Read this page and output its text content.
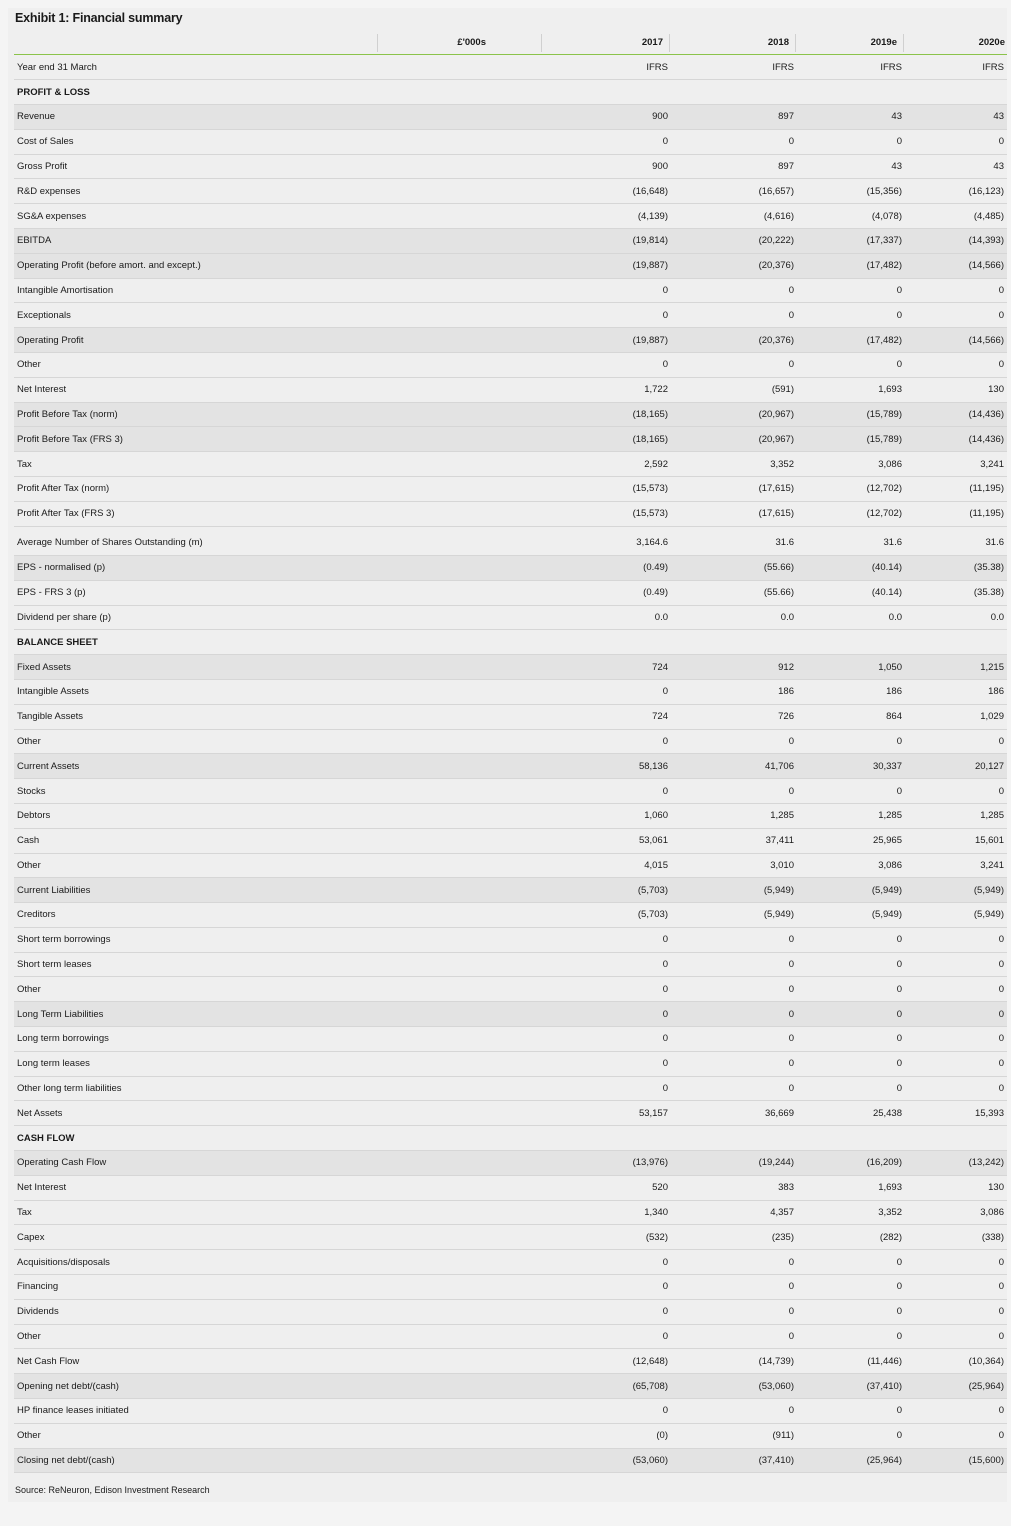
Exhibit 1: Financial summary
£'000s	2017	2018	2019e	2020e
Year end 31 March	IFRS	IFRS	IFRS	IFRS
PROFIT & LOSS				
Revenue	900	897	43	43
Cost of Sales	0	0	0	0
Gross Profit	900	897	43	43
R&D expenses	(16,648)	(16,657)	(15,356)	(16,123)
SG&A expenses	(4,139)	(4,616)	(4,078)	(4,485)
EBITDA	(19,814)	(20,222)	(17,337)	(14,393)
Operating Profit (before amort. and except.)	(19,887)	(20,376)	(17,482)	(14,566)
Intangible Amortisation	0	0	0	0
Exceptionals	0	0	0	0
Operating Profit	(19,887)	(20,376)	(17,482)	(14,566)
Other	0	0	0	0
Net Interest	1,722	(591)	1,693	130
Profit Before Tax (norm)	(18,165)	(20,967)	(15,789)	(14,436)
Profit Before Tax (FRS 3)	(18,165)	(20,967)	(15,789)	(14,436)
Tax	2,592	3,352	3,086	3,241
Profit After Tax (norm)	(15,573)	(17,615)	(12,702)	(11,195)
Profit After Tax (FRS 3)	(15,573)	(17,615)	(12,702)	(11,195)

Average Number of Shares Outstanding (m)	3,164.6	31.6	31.6	31.6
EPS - normalised (p)	(0.49)	(55.66)	(40.14)	(35.38)
EPS - FRS 3 (p)	(0.49)	(55.66)	(40.14)	(35.38)
Dividend per share (p)	0.0	0.0	0.0	0.0
BALANCE SHEET				
Fixed Assets	724	912	1,050	1,215
Intangible Assets	0	186	186	186
Tangible Assets	724	726	864	1,029
Other	0	0	0	0
Current Assets	58,136	41,706	30,337	20,127
Stocks	0	0	0	0
Debtors	1,060	1,285	1,285	1,285
Cash	53,061	37,411	25,965	15,601
Other	4,015	3,010	3,086	3,241
Current Liabilities	(5,703)	(5,949)	(5,949)	(5,949)
Creditors	(5,703)	(5,949)	(5,949)	(5,949)
Short term borrowings	0	0	0	0
Short term leases	0	0	0	0
Other	0	0	0	0
Long Term Liabilities	0	0	0	0
Long term borrowings	0	0	0	0
Long term leases	0	0	0	0
Other long term liabilities	0	0	0	0
Net Assets	53,157	36,669	25,438	15,393
CASH FLOW				
Operating Cash Flow	(13,976)	(19,244)	(16,209)	(13,242)
Net Interest	520	383	1,693	130
Tax	1,340	4,357	3,352	3,086
Capex	(532)	(235)	(282)	(338)
Acquisitions/disposals	0	0	0	0
Financing	0	0	0	0
Dividends	0	0	0	0
Other	0	0	0	0
Net Cash Flow	(12,648)	(14,739)	(11,446)	(10,364)
Opening net debt/(cash)	(65,708)	(53,060)	(37,410)	(25,964)
HP finance leases initiated	0	0	0	0
Other	(0)	(911)	0	0
Closing net debt/(cash)	(53,060)	(37,410)	(25,964)	(15,600)
Source: ReNeuron, Edison Investment Research
